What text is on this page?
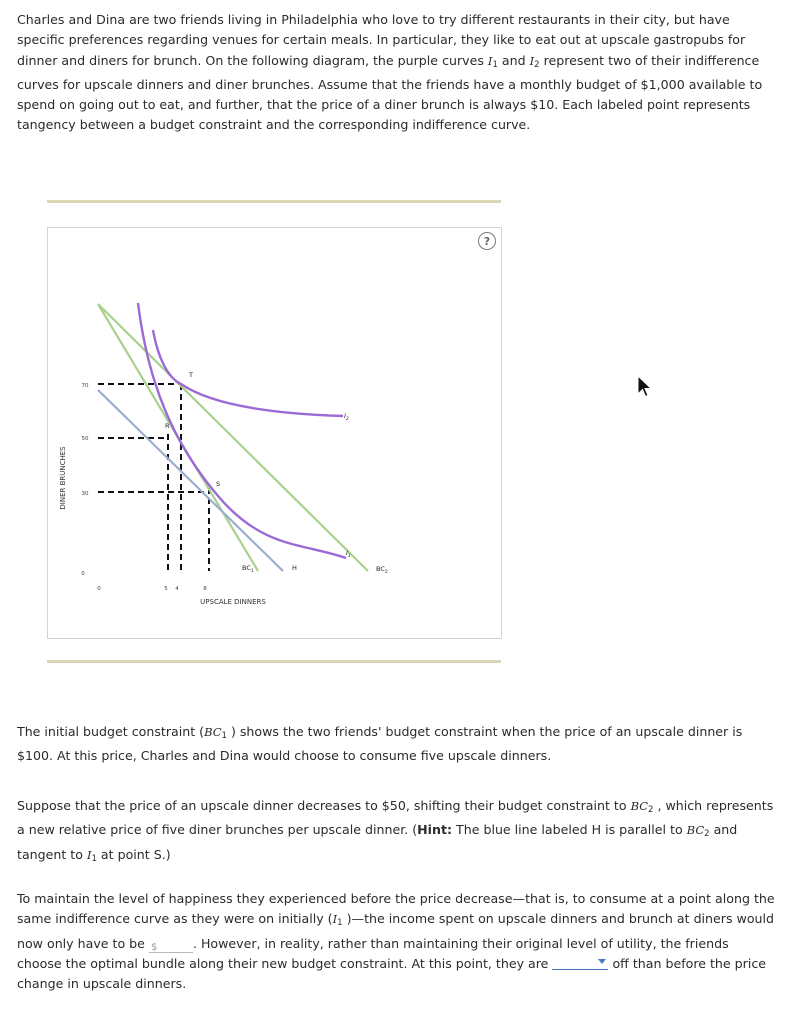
Charles and Dina are two friends living in Philadelphia who love to try different restaurants in their city, but have specific preferences regarding venues for certain meals. In particular, they like to eat out at upscale gastropubs for dinner and diners for brunch. On the following diagram, the purple curves $I_1$ and $I_2$ represent two of their indifference curves for upscale dinners and diner brunches. Assume that the friends have a monthly budget of $1,000 available to spend on going out to eat, and further, that the price of a diner brunch is always $10. Each labeled point represents tangency between a budget constraint and the corresponding indifference curve.
?
DINER BRUNCHES
0
30
50
70
0	5 4	8
UPSCALE DINNERS
T
R
S
H
$I_2$
$I_1$
$BC_1$	$BC_2$
The initial budget constraint ($BC_1$ ) shows the two friends' budget constraint when the price of an upscale dinner is $100. At this price, Charles and Dina would choose to consume five upscale dinners.
Suppose that the price of an upscale dinner decreases to $50, shifting their budget constraint to $BC_2$ , which represents a new relative price of five diner brunches per upscale dinner. (Hint: The blue line labeled H is parallel to $BC_2$ and tangent to $I_1$ at point S.)
To maintain the level of happiness they experienced before the price decrease—that is, to consume at a point along the same indifference curve as they were on initially ($I_1$ )—the income spent on upscale dinners and brunch at diners would now only have to be $	. However, in reality, rather than maintaining their original level of utility, the friends choose the optimal bundle along their new budget constraint. At this point, they are	off than before the price change in upscale dinners.
